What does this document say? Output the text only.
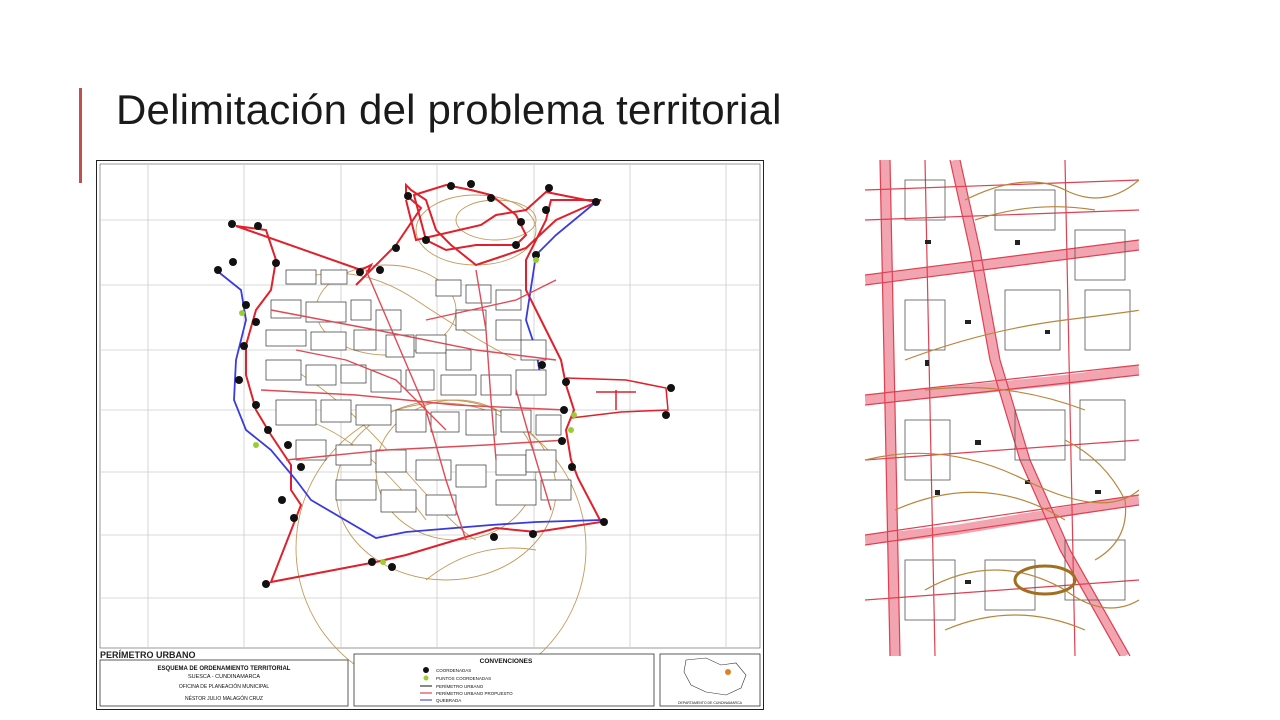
Delimitación del problema territorial
PERÍMETRO URBANO
ESQUEMA DE ORDENAMIENTO TERRITORIAL
SUESCA - CUNDINAMARCA
OFICINA DE PLANEACIÓN MUNICIPAL
NÉSTOR JULIO MALAGÓN CRUZ
CONVENCIONES
COORDENADAS
PUNTOS COORDENADAS
PERÍMETRO URBANO
PERÍMETRO URBANO PROPUESTO
QUEBRADA	DEPARTAMENTO DE CUNDINAMARCA
